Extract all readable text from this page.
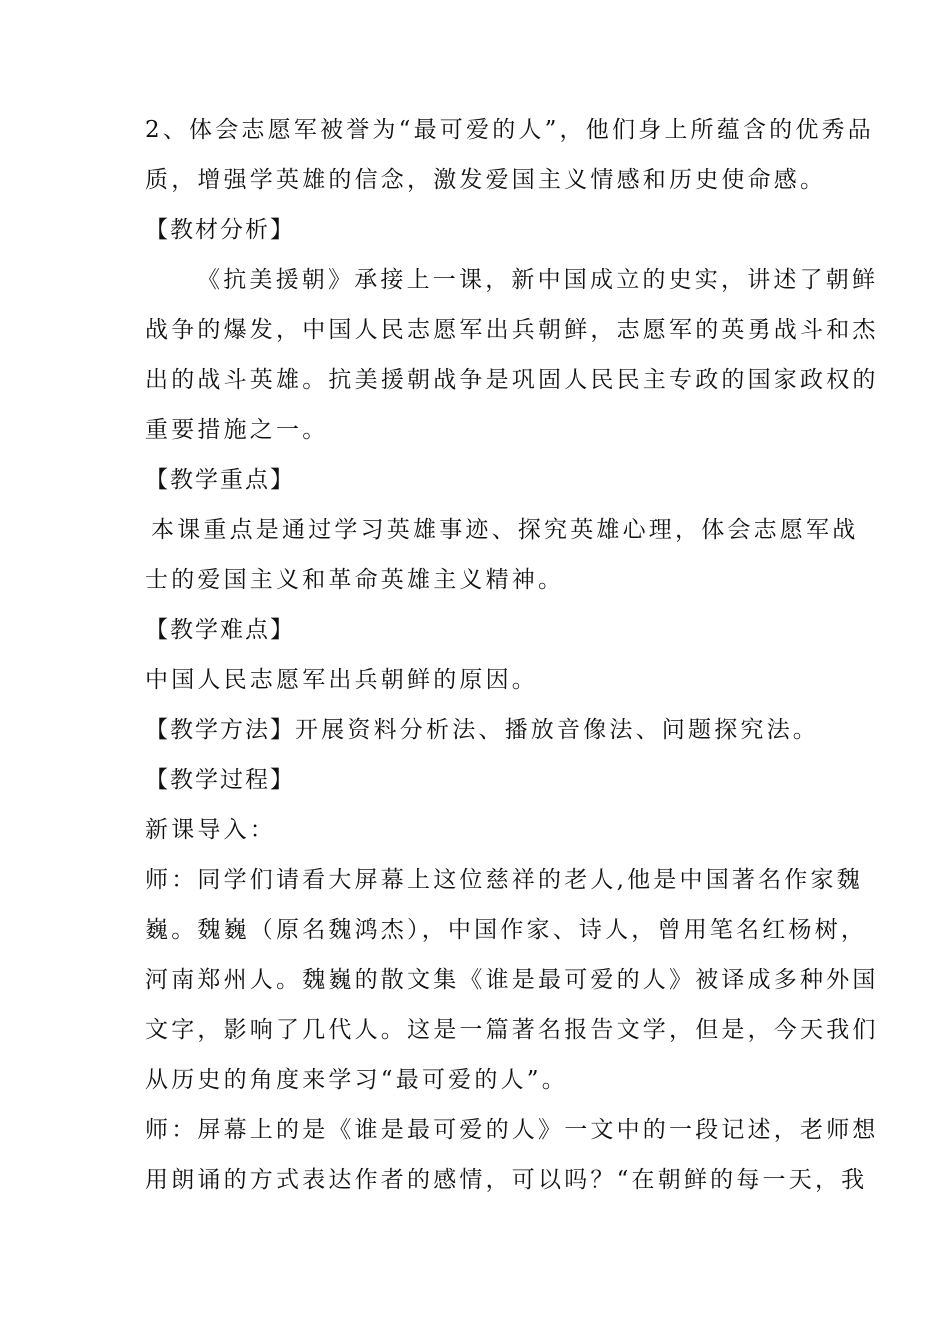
2、体会志愿军被誉为“最可爱的人”，他们身上所蕴含的优秀品
质，增强学英雄的信念，激发爱国主义情感和历史使命感。
【教材分析】
《抗美援朝》承接上一课，新中国成立的史实，讲述了朝鲜
战争的爆发，中国人民志愿军出兵朝鲜，志愿军的英勇战斗和杰
出的战斗英雄。抗美援朝战争是巩固人民民主专政的国家政权的
重要措施之一。
【教学重点】
本课重点是通过学习英雄事迹、探究英雄心理，体会志愿军战
士的爱国主义和革命英雄主义精神。
【教学难点】
中国人民志愿军出兵朝鲜的原因。
【教学方法】开展资料分析法、播放音像法、问题探究法。
【教学过程】
新课导入：
师：同学们请看大屏幕上这位慈祥的老人,他是中国著名作家魏
巍。魏巍（原名魏鸿杰），中国作家、诗人，曾用笔名红杨树，
河南郑州人。魏巍的散文集《谁是最可爱的人》被译成多种外国
文字，影响了几代人。这是一篇著名报告文学，但是，今天我们
从历史的角度来学习“最可爱的人”。
师：屏幕上的是《谁是最可爱的人》一文中的一段记述，老师想
用朗诵的方式表达作者的感情，可以吗？“在朝鲜的每一天，我
